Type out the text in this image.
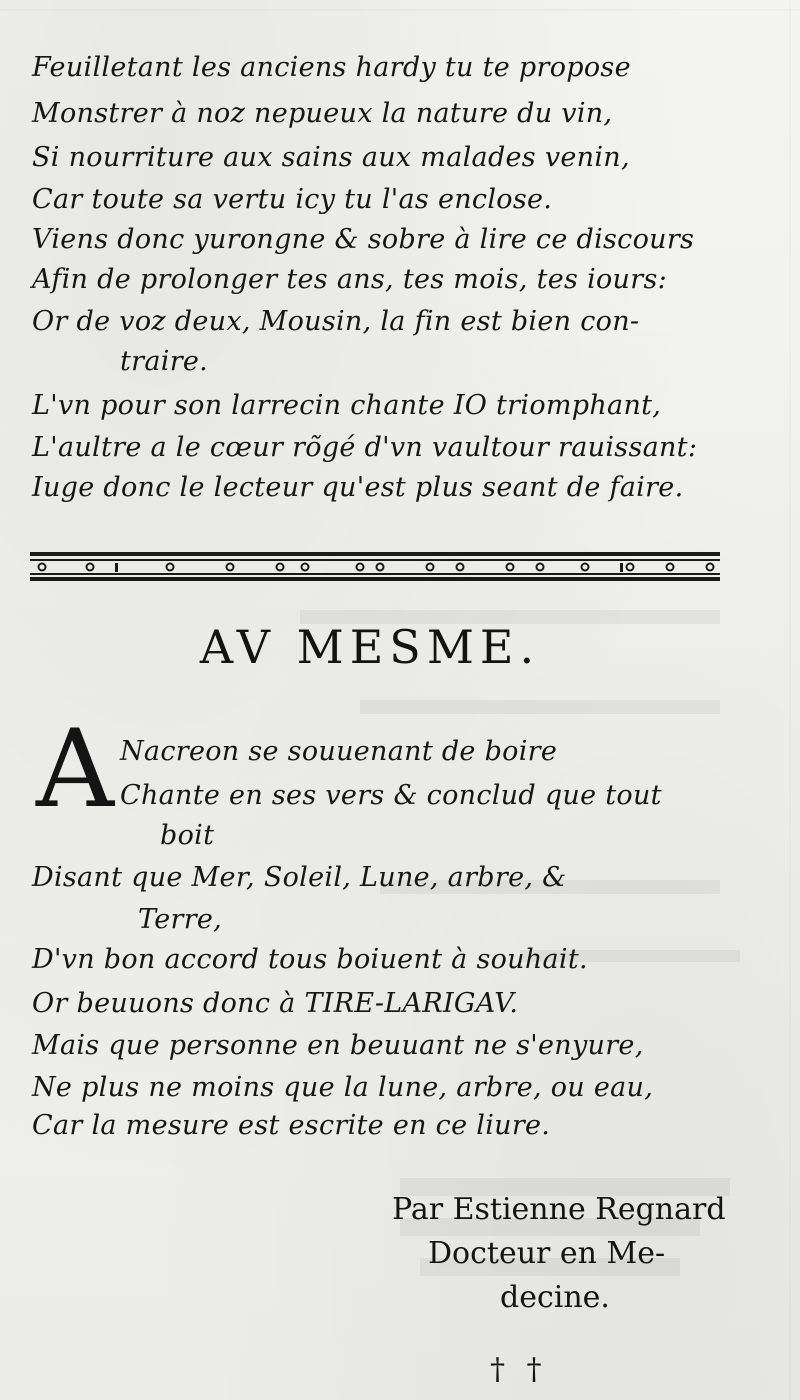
Feuilletant les anciens hardy tu te propose
Monstrer à noz nepueux la nature du vin,
Si nourriture aux sains aux malades venin,
Car toute sa vertu icy tu l'as enclose.
Viens donc yurongne & sobre à lire ce discours
Afin de prolonger tes ans, tes mois, tes iours:
Or de voz deux, Mousin, la fin est bien con-
traire.
L'vn pour son larrecin chante IO triomphant,
L'aultre a le cœur rõgé d'vn vaultour rauissant:
Iuge donc le lecteur qu'est plus seant de faire.
AV MESME.
A Nacreon se souuenant de boire
Chante en ses vers & conclud que tout
boit
Disant que Mer, Soleil, Lune, arbre, &
Terre,
D'vn bon accord tous boiuent à souhait.
Or beuuons donc à TIRE-LARIGAV.
Mais que personne en beuuant ne s'enyure,
Ne plus ne moins que la lune, arbre, ou eau,
Car la mesure est escrite en ce liure.
Par Estienne Regnard
Docteur en Me-
decine.
† †
